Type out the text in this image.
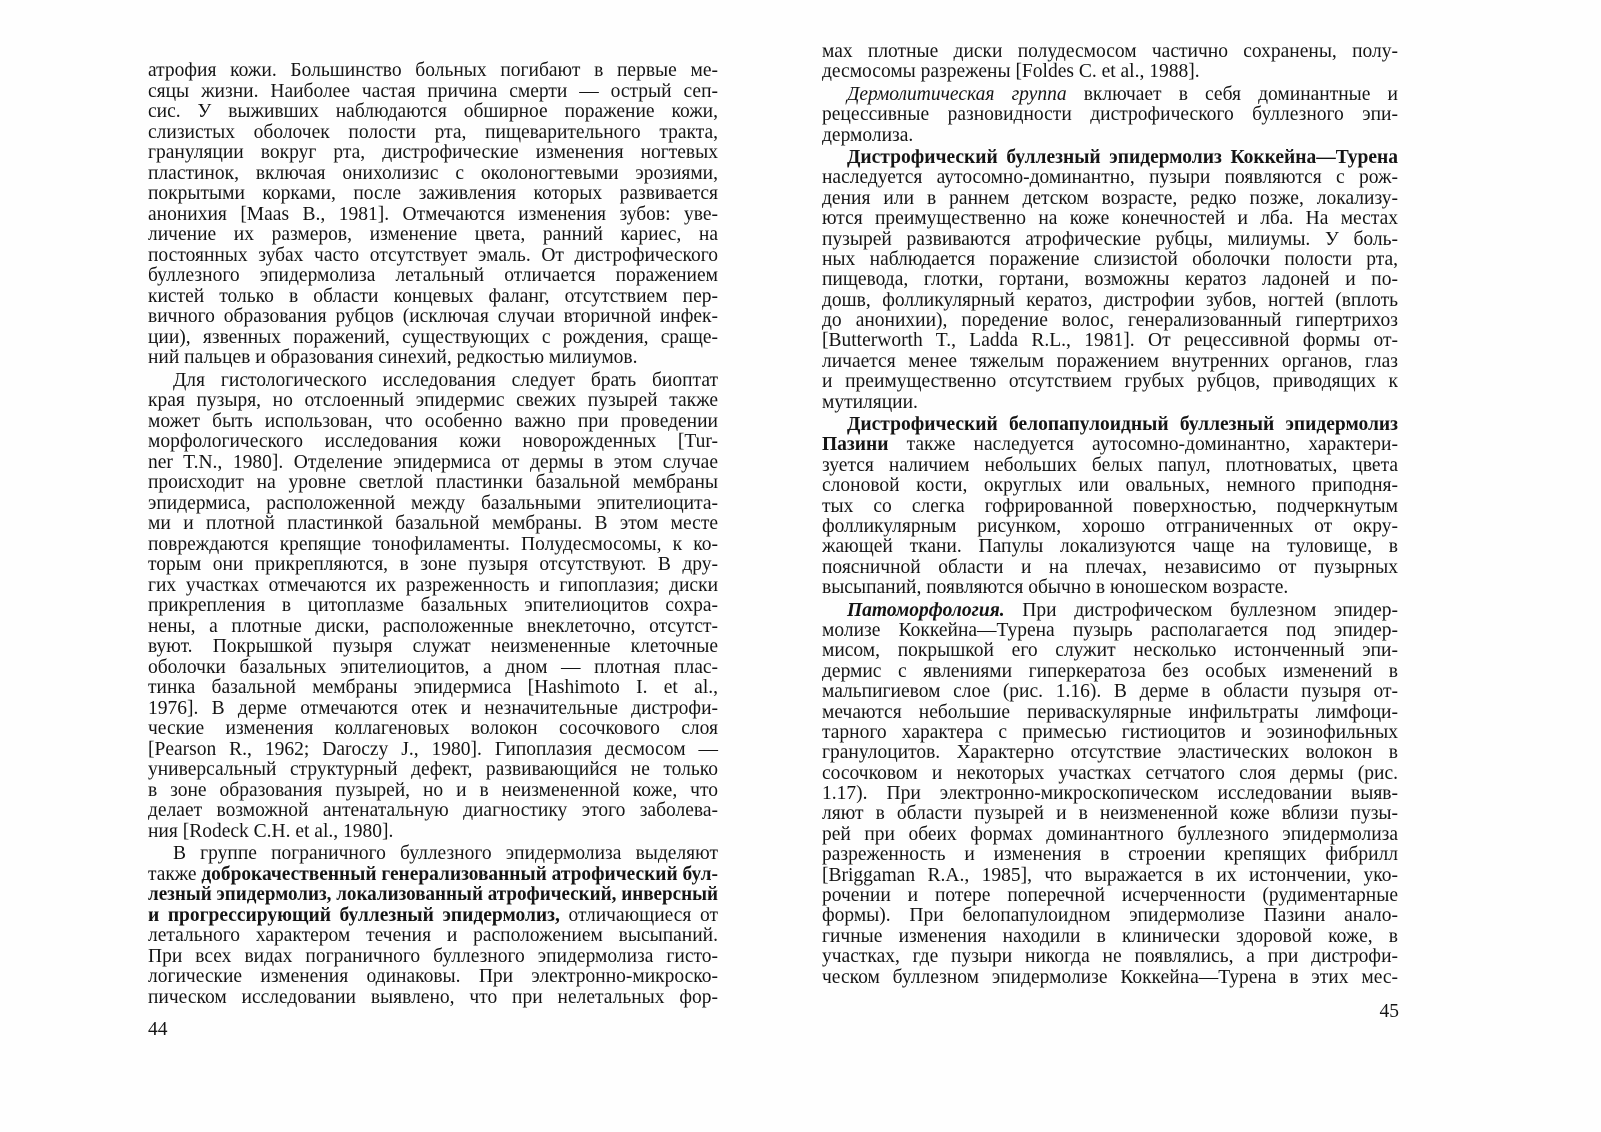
атрофия кожи. Большинство больных погибают в первые ме-
сяцы жизни. Наиболее частая причина смерти — острый сеп-
сис. У выживших наблюдаются обширное поражение кожи,
слизистых оболочек полости рта, пищеварительного тракта,
грануляции вокруг рта, дистрофические изменения ногтевых
пластинок, включая онихолизис с околоногтевыми эрозиями,
покрытыми корками, после заживления которых развивается
анонихия [Maas B., 1981]. Отмечаются изменения зубов: уве-
личение их размеров, изменение цвета, ранний кариес, на
постоянных зубах часто отсутствует эмаль. От дистрофического
буллезного эпидермолиза летальный отличается поражением
кистей только в области концевых фаланг, отсутствием пер-
вичного образования рубцов (исключая случаи вторичной инфек-
ции), язвенных поражений, существующих с рождения, сраще-
ний пальцев и образования синехий, редкостью милиумов.
Для гистологического исследования следует брать биоптат
края пузыря, но отслоенный эпидермис свежих пузырей также
может быть использован, что особенно важно при проведении
морфологического исследования кожи новорожденных [Tur-
ner T.N., 1980]. Отделение эпидермиса от дермы в этом случае
происходит на уровне светлой пластинки базальной мембраны
эпидермиса, расположенной между базальными эпителиоцита-
ми и плотной пластинкой базальной мембраны. В этом месте
повреждаются крепящие тонофиламенты. Полудесмосомы, к ко-
торым они прикрепляются, в зоне пузыря отсутствуют. В дру-
гих участках отмечаются их разреженность и гипоплазия; диски
прикрепления в цитоплазме базальных эпителиоцитов сохра-
нены, а плотные диски, расположенные внеклеточно, отсутст-
вуют. Покрышкой пузыря служат неизмененные клеточные
оболочки базальных эпителиоцитов, а дном — плотная плас-
тинка базальной мембраны эпидермиса [Hashimoto I. et al.,
1976]. В дерме отмечаются отек и незначительные дистрофи-
ческие изменения коллагеновых волокон сосочкового слоя
[Pearson R., 1962; Daroczy J., 1980]. Гипоплазия десмосом —
универсальный структурный дефект, развивающийся не только
в зоне образования пузырей, но и в неизмененной коже, что
делает возможной антенатальную диагностику этого заболева-
ния [Rodeck C.H. et al., 1980].
В группе пограничного буллезного эпидермолиза выделяют
также доброкачественный генерализованный атрофический бул-
лезный эпидермолиз, локализованный атрофический, инверсный
и прогрессирующий буллезный эпидермолиз, отличающиеся от
летального характером течения и расположением высыпаний.
При всех видах пограничного буллезного эпидермолиза гисто-
логические изменения одинаковы. При электронно-микроско-
пическом исследовании выявлено, что при нелетальных фор-
44
мах плотные диски полудесмосом частично сохранены, полу-
десмосомы разрежены [Foldes C. et al., 1988].
Дермолитическая группа включает в себя доминантные и
рецессивные разновидности дистрофического буллезного эпи-
дермолиза.
Дистрофический буллезный эпидермолиз Коккейна—Турена
наследуется аутосомно-доминантно, пузыри появляются с рож-
дения или в раннем детском возрасте, редко позже, локализу-
ются преимущественно на коже конечностей и лба. На местах
пузырей развиваются атрофические рубцы, милиумы. У боль-
ных наблюдается поражение слизистой оболочки полости рта,
пищевода, глотки, гортани, возможны кератоз ладоней и по-
дошв, фолликулярный кератоз, дистрофии зубов, ногтей (вплоть
до анонихии), поредение волос, генерализованный гипертрихоз
[Butterworth T., Ladda R.L., 1981]. От рецессивной формы от-
личается менее тяжелым поражением внутренних органов, глаз
и преимущественно отсутствием грубых рубцов, приводящих к
мутиляции.
Дистрофический белопапулоидный буллезный эпидермолиз
Пазини также наследуется аутосомно-доминантно, характери-
зуется наличием небольших белых папул, плотноватых, цвета
слоновой кости, округлых или овальных, немного приподня-
тых со слегка гофрированной поверхностью, подчеркнутым
фолликулярным рисунком, хорошо отграниченных от окру-
жающей ткани. Папулы локализуются чаще на туловище, в
поясничной области и на плечах, независимо от пузырных
высыпаний, появляются обычно в юношеском возрасте.
Патоморфология. При дистрофическом буллезном эпидер-
молизе Коккейна—Турена пузырь располагается под эпидер-
мисом, покрышкой его служит несколько истонченный эпи-
дермис с явлениями гиперкератоза без особых изменений в
мальпигиевом слое (рис. 1.16). В дерме в области пузыря от-
мечаются небольшие периваскулярные инфильтраты лимфоци-
тарного характера с примесью гистиоцитов и эозинофильных
гранулоцитов. Характерно отсутствие эластических волокон в
сосочковом и некоторых участках сетчатого слоя дермы (рис.
1.17). При электронно-микроскопическом исследовании выяв-
ляют в области пузырей и в неизмененной коже вблизи пузы-
рей при обеих формах доминантного буллезного эпидермолиза
разреженность и изменения в строении крепящих фибрилл
[Briggaman R.A., 1985], что выражается в их истончении, уко-
рочении и потере поперечной исчерченности (рудиментарные
формы). При белопапулоидном эпидермолизе Пазини анало-
гичные изменения находили в клинически здоровой коже, в
участках, где пузыри никогда не появлялись, а при дистрофи-
ческом буллезном эпидермолизе Коккейна—Турена в этих мес-
45
